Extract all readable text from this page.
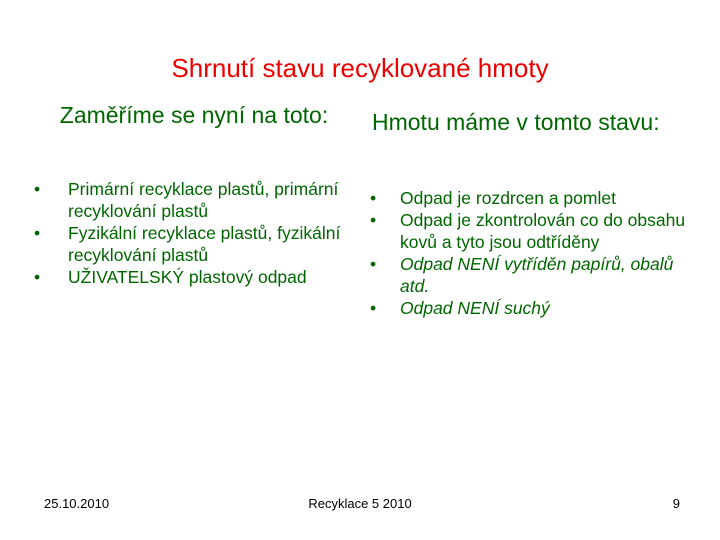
Shrnutí stavu recyklované hmoty
Zaměříme se nyní na toto:	Hmotu máme v tomto stavu:
• Primární recyklace plastů, primární recyklování plastů
• Fyzikální recyklace plastů, fyzikální recyklování plastů
• UŽIVATELSKÝ plastový odpad
• Odpad je rozdrcen a pomlet
• Odpad je zkontrolován co do obsahu kovů a tyto jsou odtříděny
• Odpad NENÍ vytříděn papírů, obalů atd.
• Odpad NENÍ suchý
25.10.2010	Recyklace 5 2010	9
